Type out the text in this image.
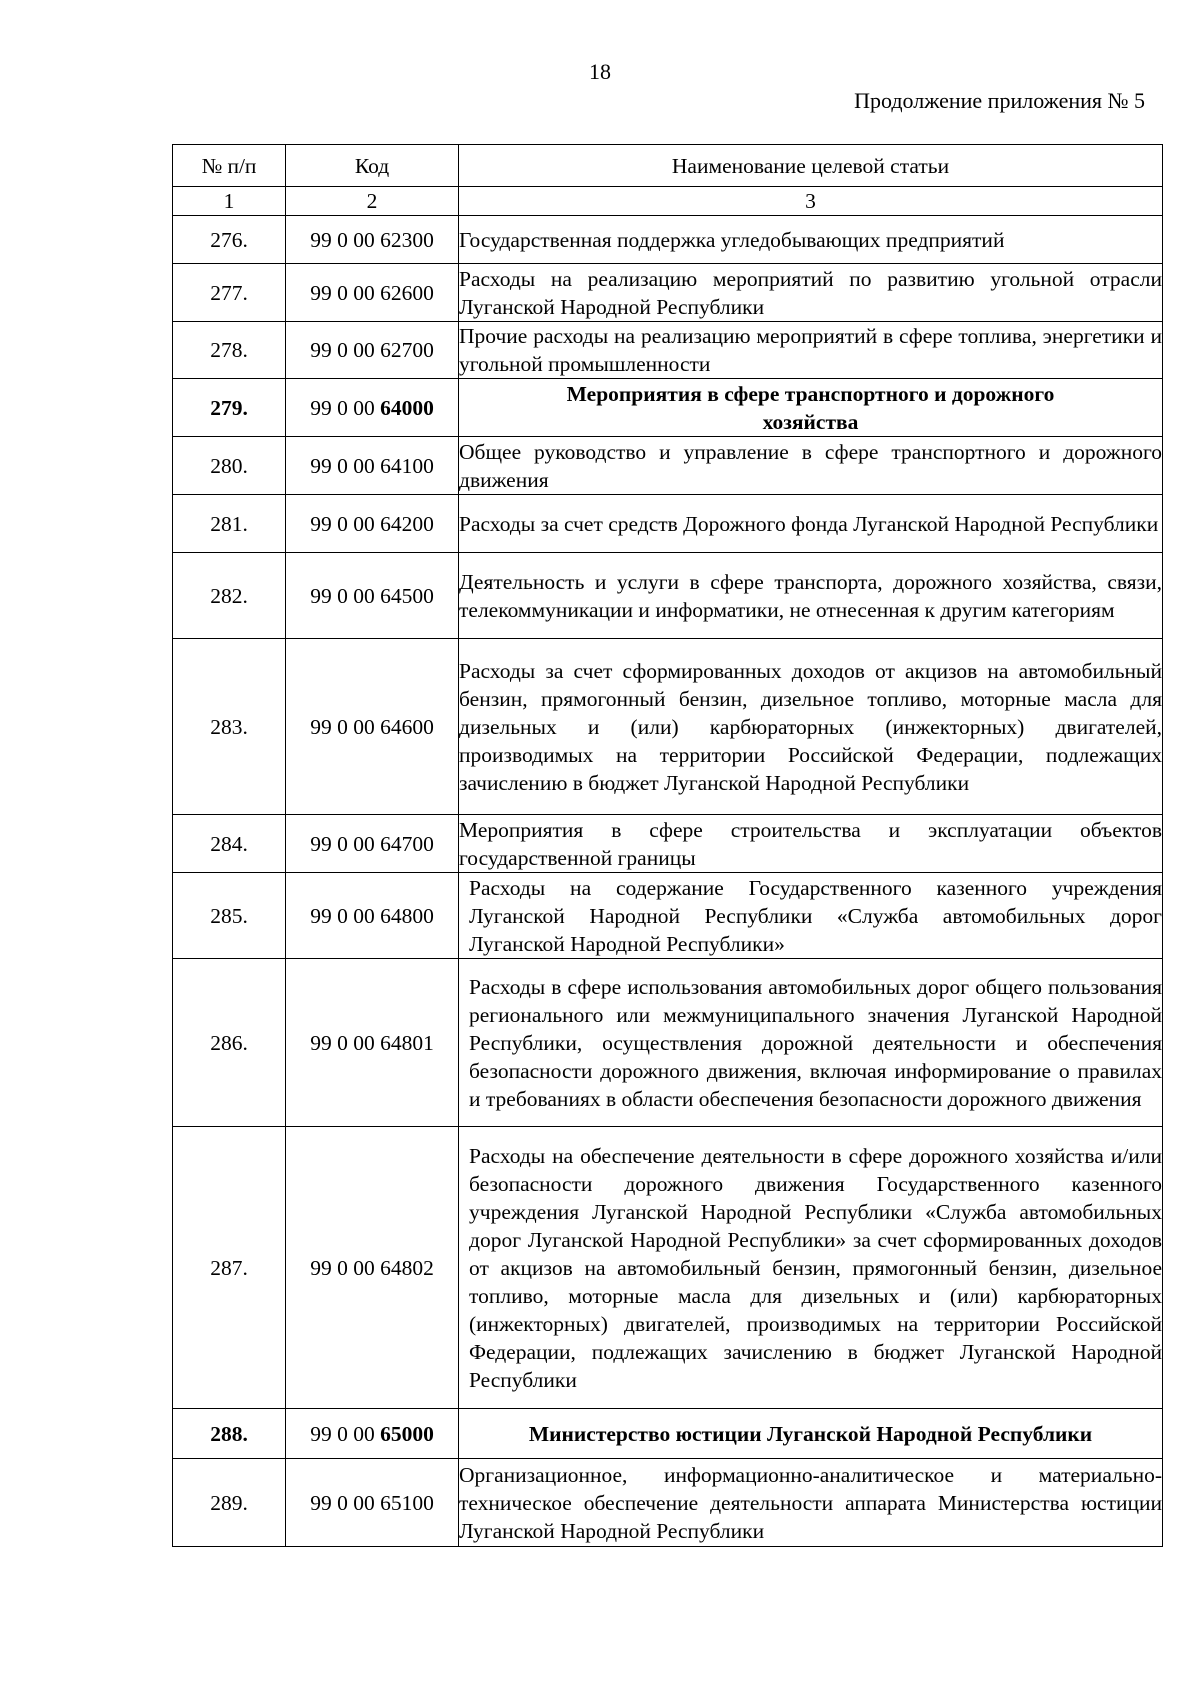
18
Продолжение приложения № 5
№ п/п	Код	Наименование целевой статьи
1	2	3
276.	99 0 00 62300	Государственная поддержка угледобывающих предприятий
277.	99 0 00 62600	Расходы на реализацию мероприятий по развитию угольной отрасли Луганской Народной Республики
278.	99 0 00 62700	Прочие расходы на реализацию мероприятий в сфере топлива, энергетики и угольной промышленности
279.	99 0 00 64000	Мероприятия в сфере транспортного и дорожного хозяйства
280.	99 0 00 64100	Общее руководство и управление в сфере транспортного и дорожного движения
281.	99 0 00 64200	Расходы за счет средств Дорожного фонда Луганской Народной Республики
282.	99 0 00 64500	Деятельность и услуги в сфере транспорта, дорожного хозяйства, связи, телекоммуникации и информатики, не отнесенная к другим категориям
283.	99 0 00 64600	Расходы за счет сформированных доходов от акцизов на автомобильный бензин, прямогонный бензин, дизельное топливо, моторные масла для дизельных и (или) карбюраторных (инжекторных) двигателей, производимых на территории Российской Федерации, подлежащих зачислению в бюджет Луганской Народной Республики
284.	99 0 00 64700	Мероприятия в сфере строительства и эксплуатации объектов государственной границы
285.	99 0 00 64800	Расходы на содержание Государственного казенного учреждения Луганской Народной Республики «Служба автомобильных дорог Луганской Народной Республики»
286.	99 0 00 64801	Расходы в сфере использования автомобильных дорог общего пользования регионального или межмуниципального значения Луганской Народной Республики, осуществления дорожной деятельности и обеспечения безопасности дорожного движения, включая информирование о правилах и требованиях в области обеспечения безопасности дорожного движения
287.	99 0 00 64802	Расходы на обеспечение деятельности в сфере дорожного хозяйства и/или безопасности дорожного движения Государственного казенного учреждения Луганской Народной Республики «Служба автомобильных дорог Луганской Народной Республики» за счет сформированных доходов от акцизов на автомобильный бензин, прямогонный бензин, дизельное топливо, моторные масла для дизельных и (или) карбюраторных (инжекторных) двигателей, производимых на территории Российской Федерации, подлежащих зачислению в бюджет Луганской Народной Республики
288.	99 0 00 65000	Министерство юстиции Луганской Народной Республики
289.	99 0 00 65100	Организационное, информационно-аналитическое и материально-техническое обеспечение деятельности аппарата Министерства юстиции Луганской Народной Республики
